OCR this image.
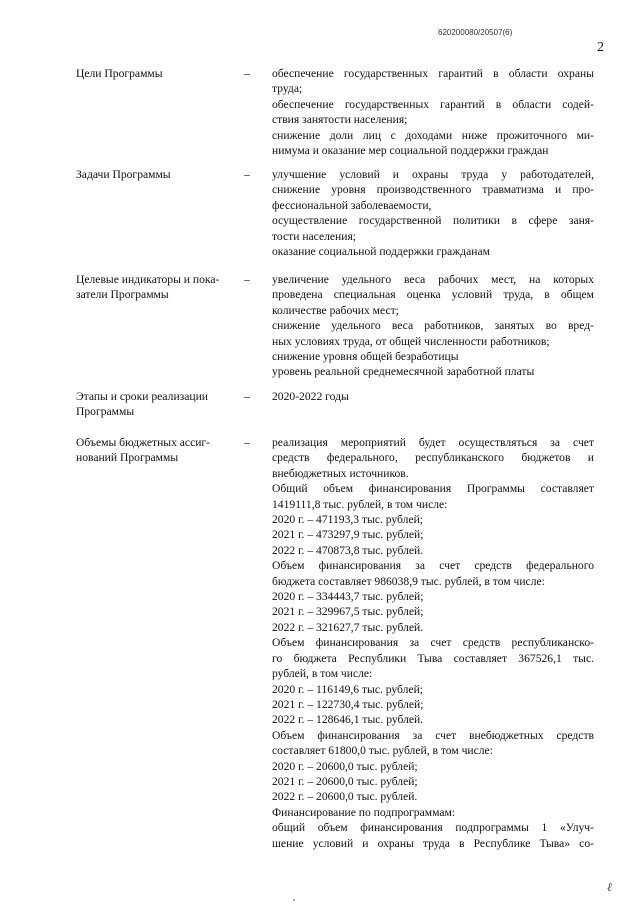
620200080/20507(6)
2
Цели Программы	– обеспечение государственных гарантий в области охраны
труда;
обеспечение государственных гарантий в области содей-
ствия занятости населения;
снижение доли лиц с доходами ниже прожиточного ми-
нимума и оказание мер социальной поддержки граждан
Задачи Программы	– улучшение условий и охраны труда у работодателей,
снижение уровня производственного травматизма и про-
фессиональной заболеваемости,
осуществление государственной политики в сфере заня-
тости населения;
оказание социальной поддержки гражданам
Целевые индикаторы и пока-
затели Программы
– увеличение удельного веса рабочих мест, на которых
проведена специальная оценка условий труда, в общем
количестве рабочих мест;
снижение удельного веса работников, занятых во вред-
ных условиях труда, от общей численности работников;
снижение уровня общей безработицы
уровень реальной среднемесячной заработной платы
Этапы и сроки реализации
Программы
– 2020-2022 годы
Объемы бюджетных ассиг-
нований Программы
– реализация мероприятий будет осуществляться за счет
средств федерального, республиканского бюджетов и
внебюджетных источников.
Общий объем финансирования Программы составляет
1419111,8 тыс. рублей, в том числе:
2020 г. – 471193,3 тыс. рублей;
2021 г. – 473297,9 тыс. рублей;
2022 г. – 470873,8 тыс. рублей.
Объем финансирования за счет средств федерального
бюджета составляет 986038,9 тыс. рублей, в том числе:
2020 г. – 334443,7 тыс. рублей;
2021 г. – 329967,5 тыс. рублей;
2022 г. – 321627,7 тыс. рублей.
Объем финансирования за счет средств республиканско-
го бюджета Республики Тыва составляет 367526,1 тыс.
рублей, в том числе:
2020 г. – 116149,6 тыс. рублей;
2021 г. – 122730,4 тыс. рублей;
2022 г. – 128646,1 тыс. рублей.
Объем финансирования за счет внебюджетных средств
составляет 61800,0 тыс. рублей, в том числе:
2020 г. – 20600,0 тыс. рублей;
2021 г. – 20600,0 тыс. рублей;
2022 г. – 20600,0 тыс. рублей.
Финансирование по подпрограммам:
общий объем финансирования подпрограммы 1 «Улуч-
шение условий и охраны труда в Республике Тыва» со-
ℓ
